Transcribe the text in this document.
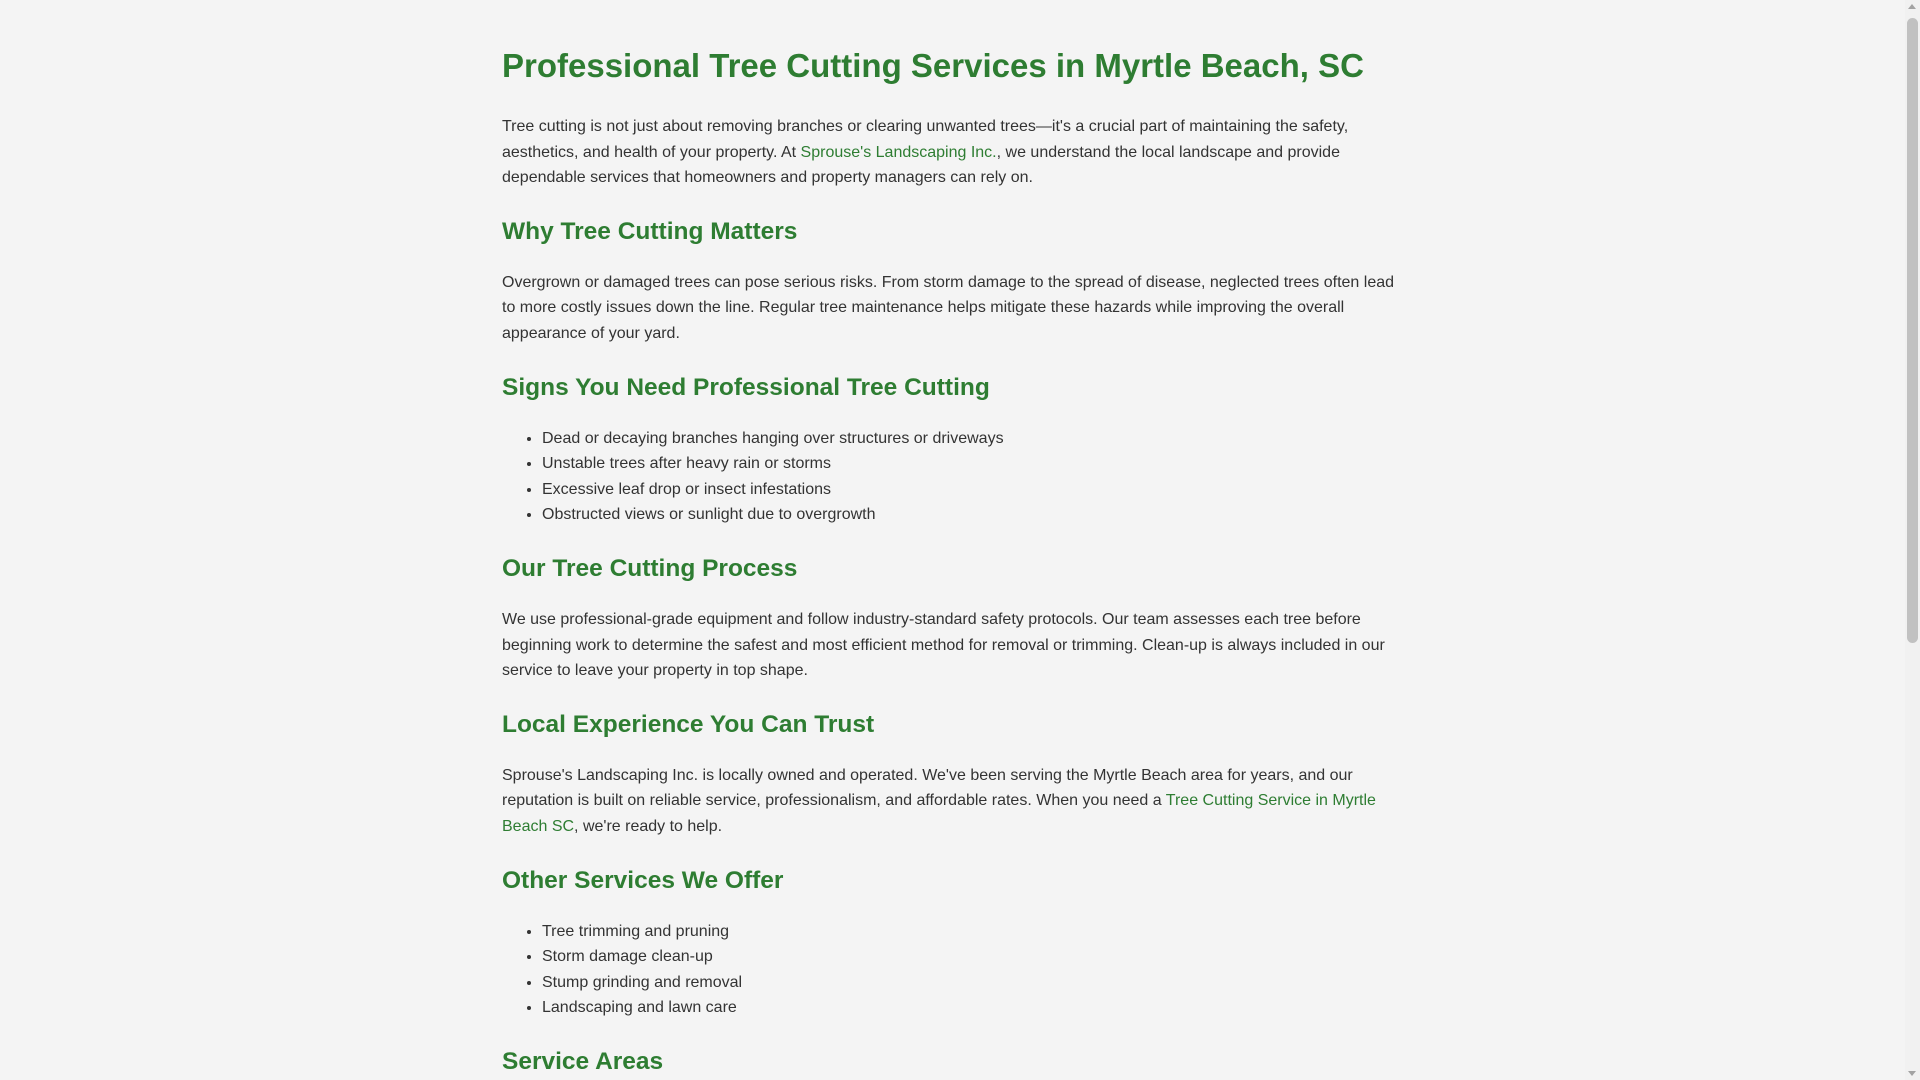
Professional Tree Cutting Services in Myrtle Beach, SC

Tree cutting is not just about removing branches or clearing unwanted trees—it's a crucial part of maintaining the safety, aesthetics, and health of your property. At Sprouse's Landscaping Inc., we understand the local landscape and provide dependable services that homeowners and property managers can rely on.

Why Tree Cutting Matters

Overgrown or damaged trees can pose serious risks. From storm damage to the spread of disease, neglected trees often lead to more costly issues down the line. Regular tree maintenance helps mitigate these hazards while improving the overall appearance of your yard.

Signs You Need Professional Tree Cutting
• Dead or decaying branches hanging over structures or driveways
• Unstable trees after heavy rain or storms
• Excessive leaf drop or insect infestations
• Obstructed views or sunlight due to overgrowth
Our Tree Cutting Process

We use professional-grade equipment and follow industry-standard safety protocols. Our team assesses each tree before beginning work to determine the safest and most efficient method for removal or trimming. Clean-up is always included in our service to leave your property in top shape.

Local Experience You Can Trust

Sprouse's Landscaping Inc. is locally owned and operated. We've been serving the Myrtle Beach area for years, and our reputation is built on reliable service, professionalism, and affordable rates. When you need a Tree Cutting Service in Myrtle Beach SC, we're ready to help.

Other Services We Offer
• Tree trimming and pruning
• Storm damage clean-up
• Stump grinding and removal
• Landscaping and lawn care
Service Areas
